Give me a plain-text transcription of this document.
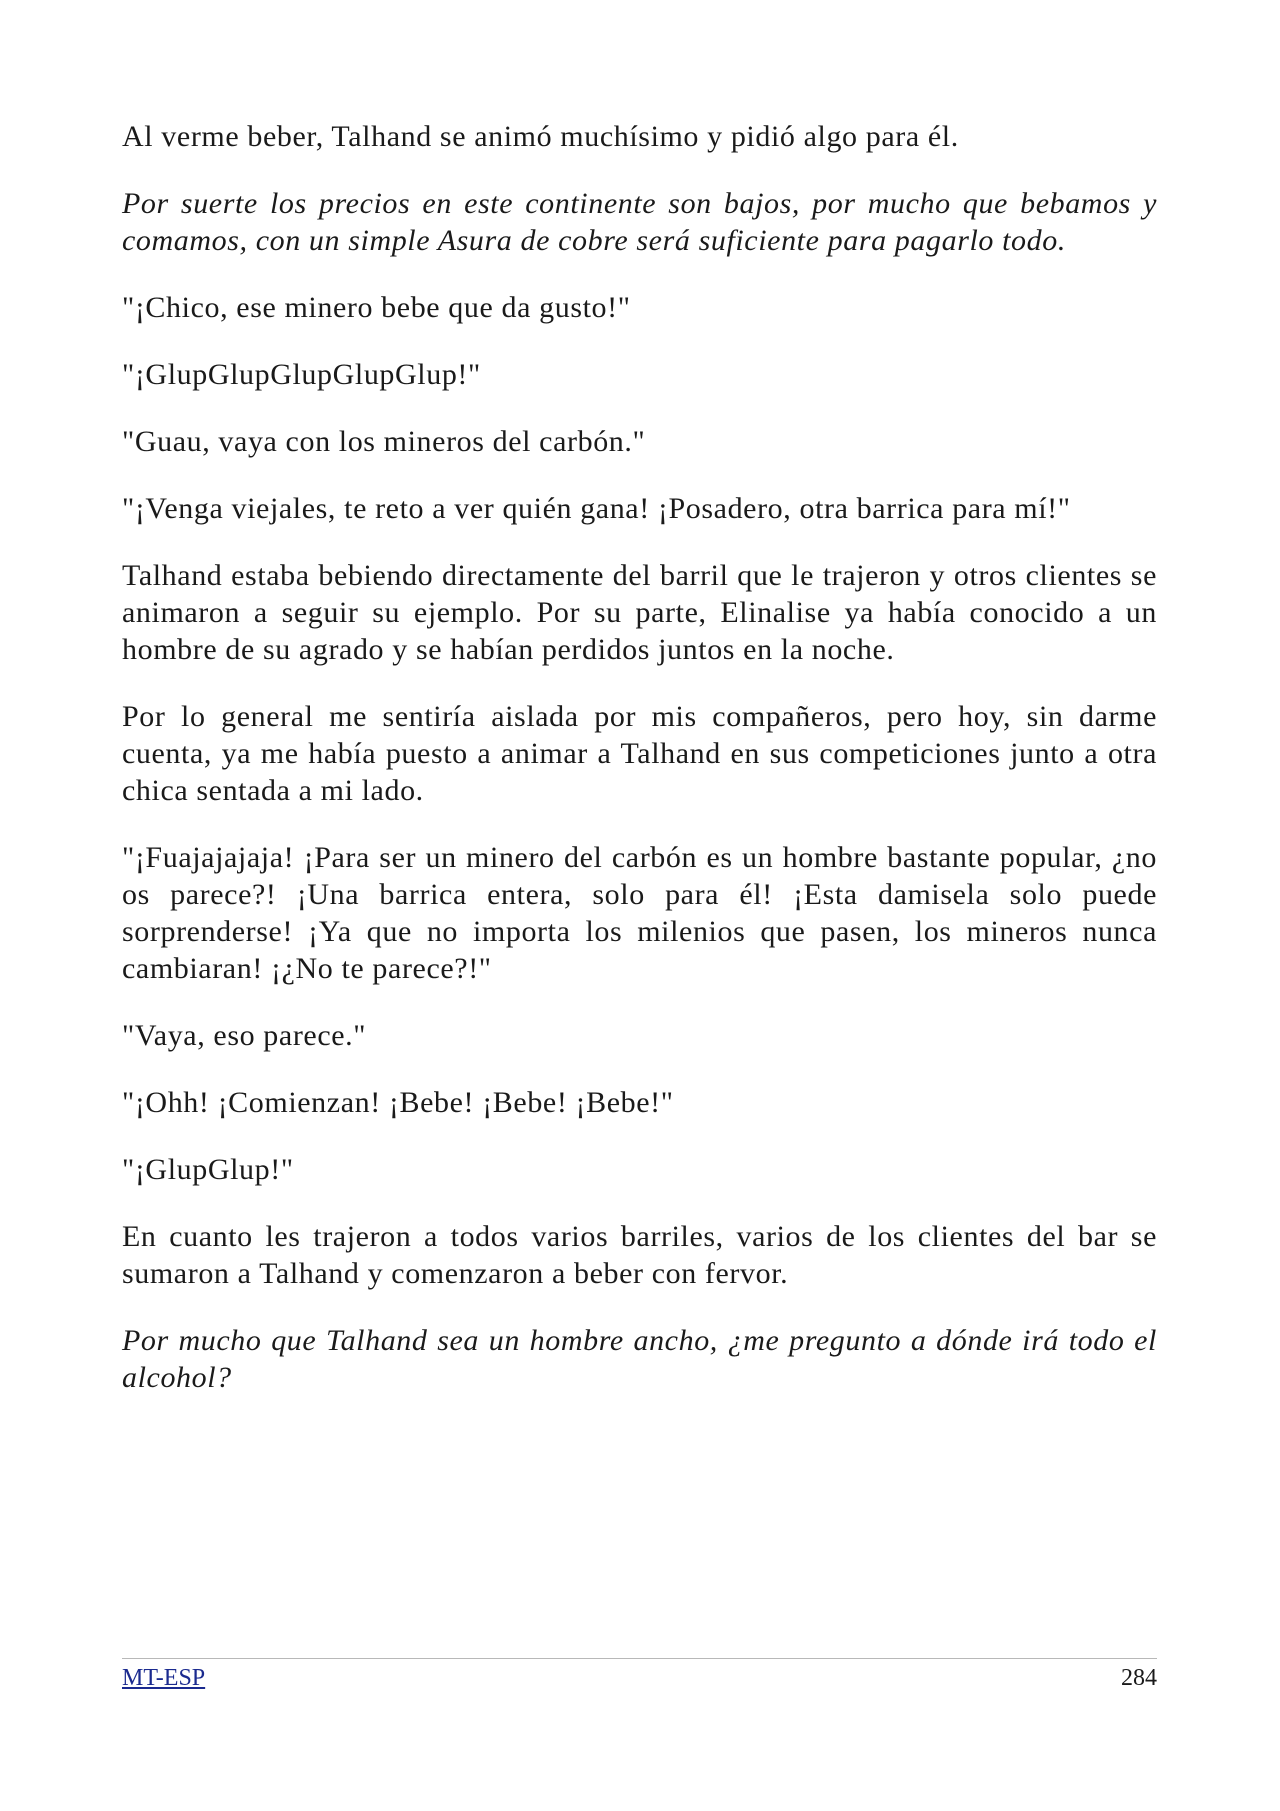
Al verme beber, Talhand se animó muchísimo y pidió algo para él.

Por suerte los precios en este continente son bajos, por mucho que bebamos y comamos, con un simple Asura de cobre será suficiente para pagarlo todo.

"¡Chico, ese minero bebe que da gusto!"

"¡GlupGlupGlupGlupGlup!"

"Guau, vaya con los mineros del carbón."

"¡Venga viejales, te reto a ver quién gana! ¡Posadero, otra barrica para mí!"

Talhand estaba bebiendo directamente del barril que le trajeron y otros clientes se animaron a seguir su ejemplo. Por su parte, Elinalise ya había conocido a un hombre de su agrado y se habían perdidos juntos en la noche.

Por lo general me sentiría aislada por mis compañeros, pero hoy, sin darme cuenta, ya me había puesto a animar a Talhand en sus competiciones junto a otra chica sentada a mi lado.

"¡Fuajajajaja! ¡Para ser un minero del carbón es un hombre bastante popular, ¿no os parece?! ¡Una barrica entera, solo para él! ¡Esta damisela solo puede sorprenderse! ¡Ya que no importa los milenios que pasen, los mineros nunca cambiaran! ¡¿No te parece?!"

"Vaya, eso parece."

"¡Ohh! ¡Comienzan! ¡Bebe! ¡Bebe! ¡Bebe!"

"¡GlupGlup!"

En cuanto les trajeron a todos varios barriles, varios de los clientes del bar se sumaron a Talhand y comenzaron a beber con fervor.

Por mucho que Talhand sea un hombre ancho, ¿me pregunto a dónde irá todo el alcohol?

MT-ESP	284
